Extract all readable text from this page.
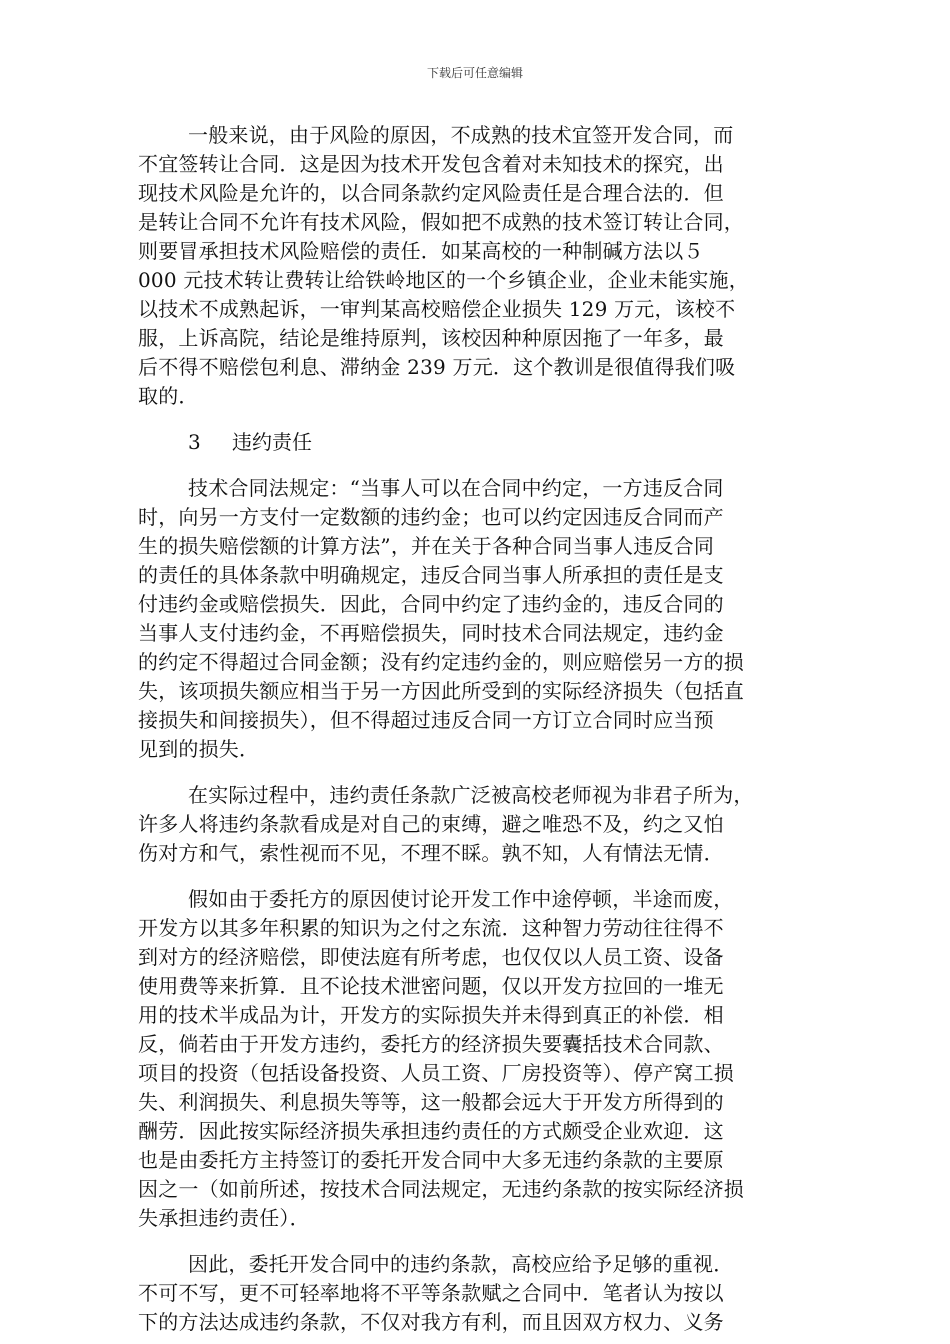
下载后可任意编辑
一般来说，由于风险的原因，不成熟的技术宜签开发合同，而
不宜签转让合同．这是因为技术开发包含着对未知技术的探究，出
现技术风险是允许的，以合同条款约定风险责任是合理合法的．但
是转让合同不允许有技术风险，假如把不成熟的技术签订转让合同，
则要冒承担技术风险赔偿的责任．如某高校的一种制碱方法以５
000 元技术转让费转让给铁岭地区的一个乡镇企业，企业未能实施，
以技术不成熟起诉，一审判某高校赔偿企业损失 129 万元，该校不
服，上诉高院，结论是维持原判，该校因种种原因拖了一年多，最
后不得不赔偿包利息、滞纳金 239 万元．这个教训是很值得我们吸
取的．
3 违约责任
技术合同法规定：“当事人可以在合同中约定，一方违反合同
时，向另一方支付一定数额的违约金；也可以约定因违反合同而产
生的损失赔偿额的计算方法”，并在关于各种合同当事人违反合同
的责任的具体条款中明确规定，违反合同当事人所承担的责任是支
付违约金或赔偿损失．因此，合同中约定了违约金的，违反合同的
当事人支付违约金，不再赔偿损失，同时技术合同法规定，违约金
的约定不得超过合同金额；没有约定违约金的，则应赔偿另一方的损
失，该项损失额应相当于另一方因此所受到的实际经济损失（包括直
接损失和间接损失），但不得超过违反合同一方订立合同时应当预
见到的损失．
在实际过程中，违约责任条款广泛被高校老师视为非君子所为，
许多人将违约条款看成是对自己的束缚，避之唯恐不及，约之又怕
伤对方和气，索性视而不见，不理不睬。孰不知，人有情法无情．
假如由于委托方的原因使讨论开发工作中途停顿，半途而废，
开发方以其多年积累的知识为之付之东流．这种智力劳动往往得不
到对方的经济赔偿，即使法庭有所考虑，也仅仅以人员工资、设备
使用费等来折算．且不论技术泄密问题，仅以开发方拉回的一堆无
用的技术半成品为计，开发方的实际损失并未得到真正的补偿．相
反，倘若由于开发方违约，委托方的经济损失要囊括技术合同款、
项目的投资（包括设备投资、人员工资、厂房投资等）、停产窝工损
失、利润损失、利息损失等等，这一般都会远大于开发方所得到的
酬劳．因此按实际经济损失承担违约责任的方式颇受企业欢迎．这
也是由委托方主持签订的委托开发合同中大多无违约条款的主要原
因之一（如前所述，按技术合同法规定，无违约条款的按实际经济损
失承担违约责任）．
因此，委托开发合同中的违约条款，高校应给予足够的重视．
不可不写，更不可轻率地将不平等条款赋之合同中．笔者认为按以
下的方法达成违约条款，不仅对我方有利，而且因双方权力、义务
